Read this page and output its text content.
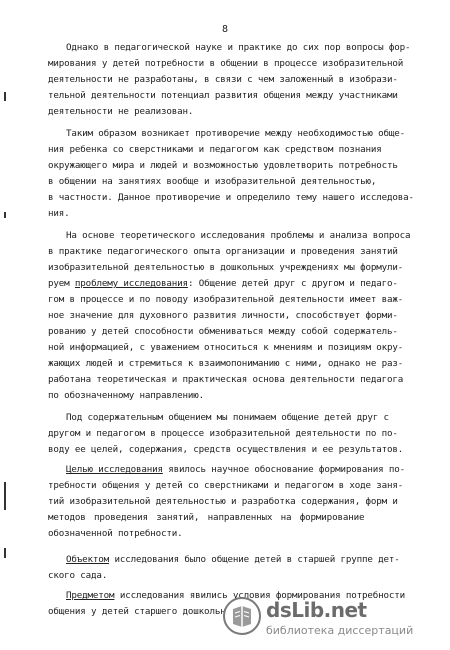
8
Однако в педагогической науке и практике до сих пор вопросы фор-
мирования у детей потребности в общении в процессе изобразительной
деятельности не разработаны, в связи с чем заложенный в изобрази-
тельной деятельности потенциал развития общения между участниками
деятельности не реализован.
Таким образом возникает противоречие между необходимостью обще-
ния ребенка со сверстниками и педагогом как средством познания
окружающего мира и людей и возможностью удовлетворить потребность
в общении на занятиях вообще и изобразительной деятельностью,
в частности. Данное противоречие и определило тему нашего исследова-
ния.
На основе теоретического исследования проблемы и анализа вопроса
в практике педагогического опыта организации и проведения занятий
изобразительной деятельностью в дошкольных учреждениях мы формули-
руем проблему исследования: Общение детей друг с другом и педаго-
гом в процессе и по поводу изобразительной деятельности имеет важ-
ное значение для духовного развития личности, способствует форми-
рованию у детей способности обмениваться между собой содержатель-
ной информацией, с уважением относиться к мнениям и позициям окру-
жающих людей и стремиться к взаимопониманию с ними, однако не раз-
работана теоретическая и практическая основа деятельности педагога
по обозначенному направлению.
Под содержательным общением мы понимаем общение детей друг с
другом и педагогом в процессе изобразительной деятельности по по-
воду ее целей, содержания, средств осуществления и ее результатов.
Целью исследования явилось научное обоснование формирования по-
требности общения у детей со сверстниками и педагогом в ходе заня-
тий изобразительной деятельностью и разработка содержания, форм и
методов проведения занятий, направленных на формирование
обозначенной потребности.
Объектом исследования было общение детей в старшей группе дет-
ского сада.
Предметом исследования явились условия формирования потребности
общения у детей старшего дошкольн	dsLib.net
библиотека диссертаций
